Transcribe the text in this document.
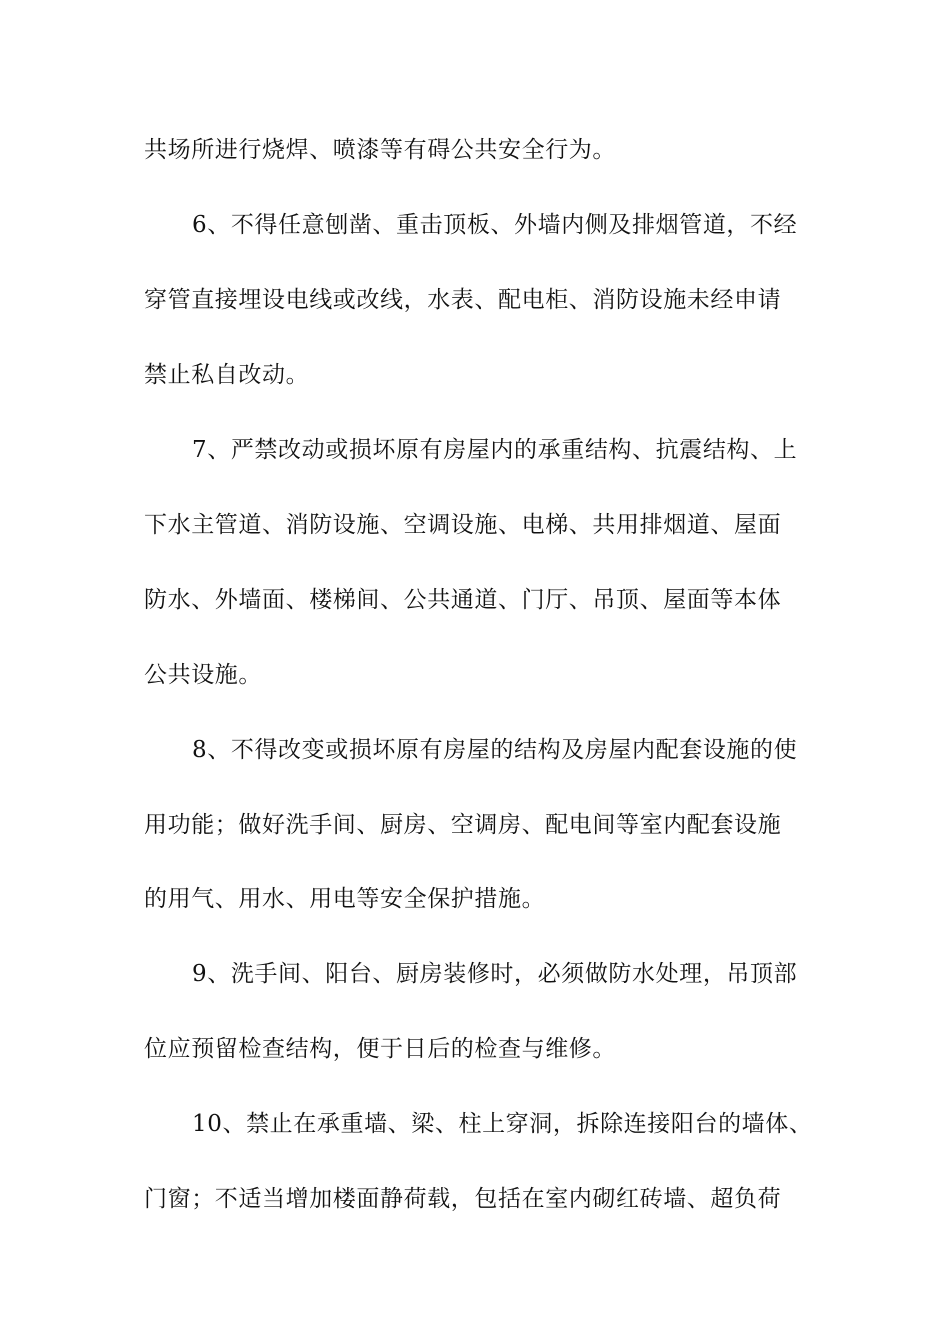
共场所进行烧焊、喷漆等有碍公共安全行为。
6、不得任意刨凿、重击顶板、外墙内侧及排烟管道，不经
穿管直接埋设电线或改线，水表、配电柜、消防设施未经申请
禁止私自改动。
7、严禁改动或损坏原有房屋内的承重结构、抗震结构、上
下水主管道、消防设施、空调设施、电梯、共用排烟道、屋面
防水、外墙面、楼梯间、公共通道、门厅、吊顶、屋面等本体
公共设施。
8、不得改变或损坏原有房屋的结构及房屋内配套设施的使
用功能；做好洗手间、厨房、空调房、配电间等室内配套设施
的用气、用水、用电等安全保护措施。
9、洗手间、阳台、厨房装修时，必须做防水处理，吊顶部
位应预留检查结构，便于日后的检查与维修。
10、禁止在承重墙、梁、柱上穿洞，拆除连接阳台的墙体、
门窗；不适当增加楼面静荷载，包括在室内砌红砖墙、超负荷
